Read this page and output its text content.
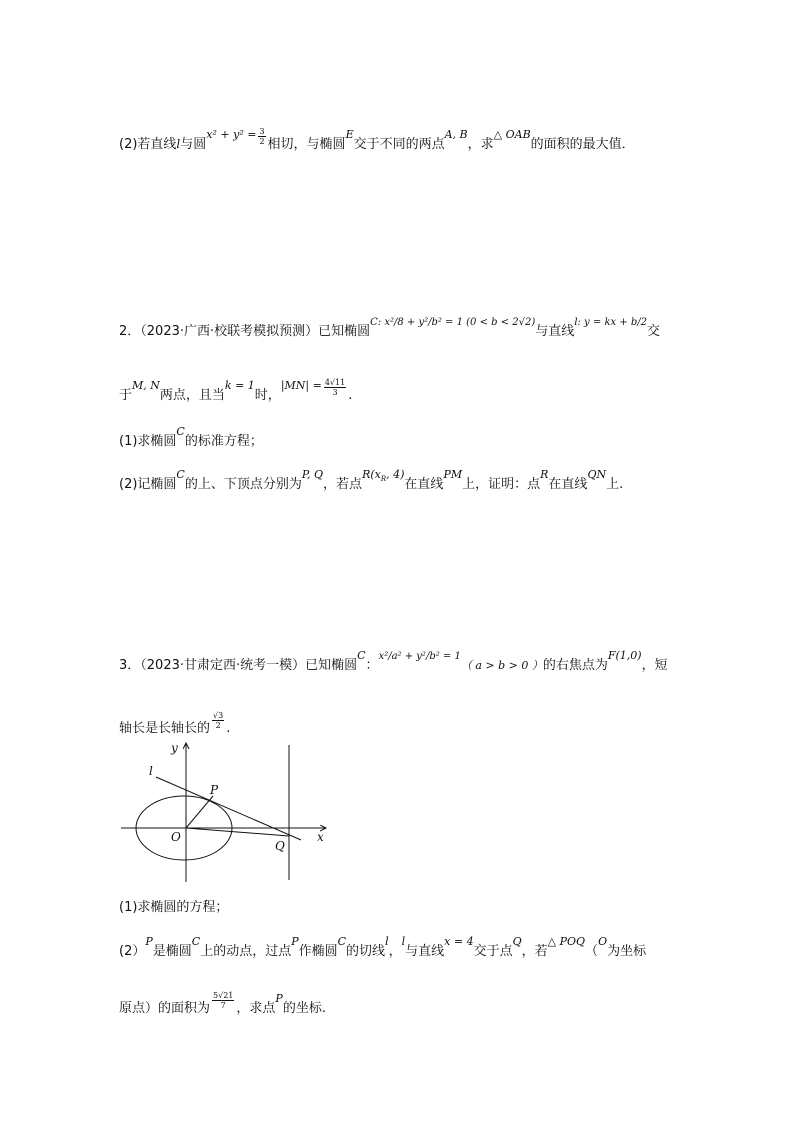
(2)若直线l与圆$^{x^2 + y^2 =} \frac{3}{2}$ 相切，与椭圆$^E$交于不同的两点$^{A, B}$，求$^{\triangle OAB}$的面积的最大值．
2．（2023·广西·校联考模拟预测）已知椭圆$^{C: x^2/8 + y^2/b^2 = 1 (0 < b < 2√2)}$与直线$^{l: y = kx + b/2}$交
于$^{M, N}$两点，且当$^{k = 1}$时，$^{|MN| =} \frac{4√11}{3}$ .
(1)求椭圆$^C$的标准方程；
(2)记椭圆$^C$的上、下顶点分别为$^{P, Q}$，若点$^{R(x_R, 4)}$在直线$^{PM}$上，证明：点$^R$在直线$^{QN}$上.
3．（2023·甘肃定西·统考一模）已知椭圆$^C$：$^{x^2/a^2 + y^2/b^2 = 1}$（ a > b > 0 ）的右焦点为$^{F(1,0)}$，短
轴长是长轴长的 $\frac{√3}{2}$ .
y
x
l
P
O
Q
(1)求椭圆的方程；
(2）$^P$是椭圆$^C$上的动点，过点$^P$作椭圆$^C$的切线$^l$，$^l$与直线$^{x = 4}$交于点$^Q$，若$^{\triangle POQ}$（$^O$为坐标
原点）的面积为 $\frac{5√21}{7}$ ，求点$^P$的坐标.
